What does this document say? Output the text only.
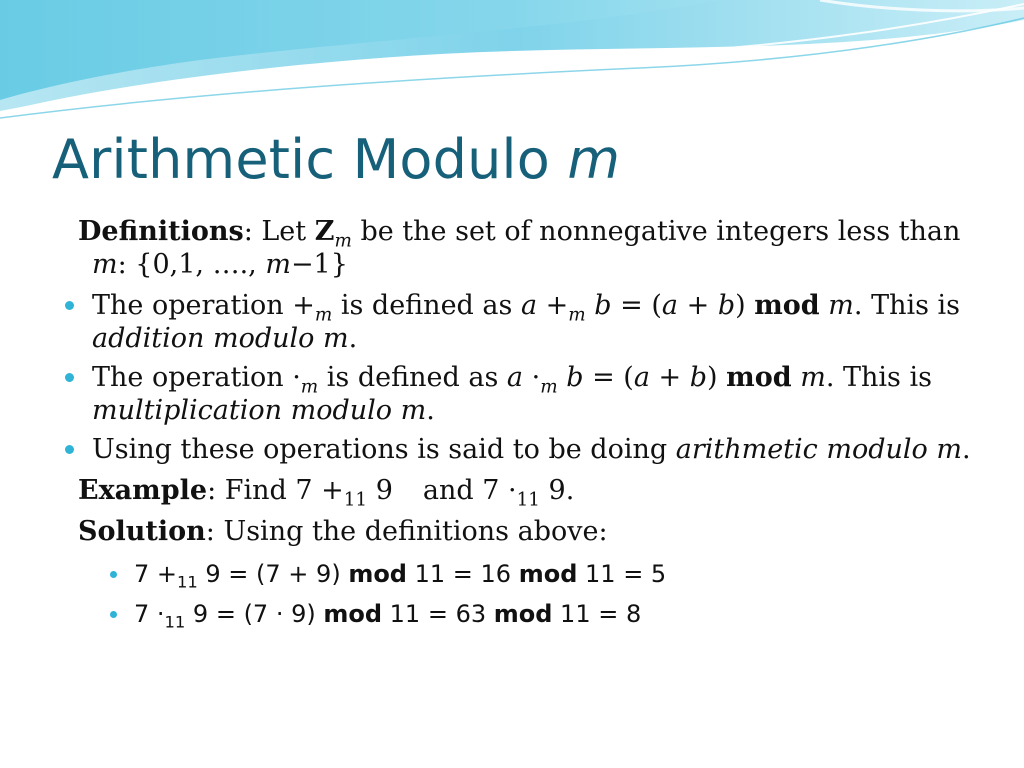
Arithmetic Modulo m

Definitions: Let $Z_m$ be the set of nonnegative integers less than m: {0,1, …., m−1}

The operation $+_m$ is defined as $a +_m$ b = (a + b) mod m. This is addition modulo m.
The operation $\cdot_m$ is defined as $a \cdot_m$ b = (a + b) mod m. This is multiplication modulo m.
Using these operations is said to be doing arithmetic modulo m.

Example: Find $7 +_{11}$ 9 and $7 \cdot_{11}$ 9.

Solution: Using the definitions above:

$7 +_{11}$ 9 = (7 + 9) mod 11 = 16 mod 11 = 5
$7 \cdot_{11}$ 9 = (7 · 9) mod 11 = 63 mod 11 = 8
